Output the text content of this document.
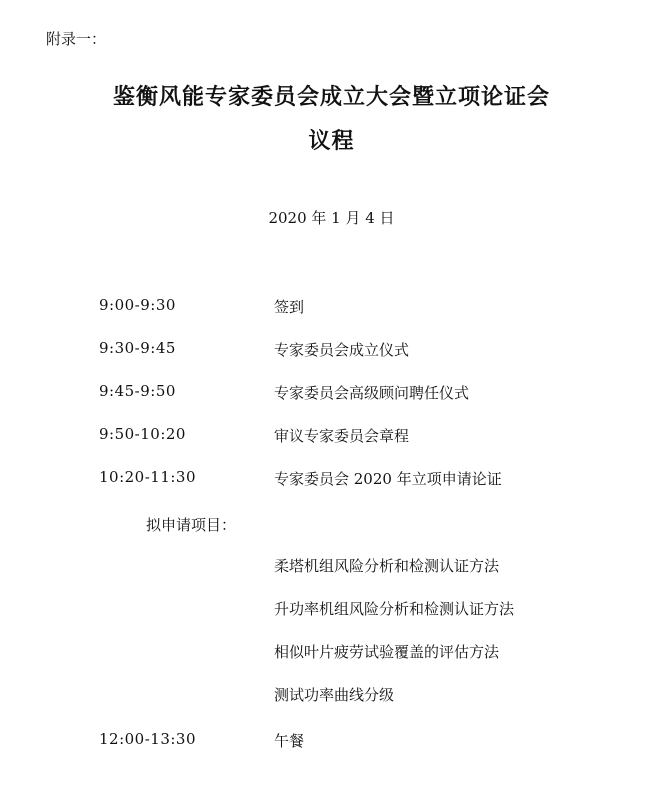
附录一：
鉴衡风能专家委员会成立大会暨立项论证会
议程
2020 年 1 月 4 日
9:00-9:30	签到
9:30-9:45	专家委员会成立仪式
9:45-9:50	专家委员会高级顾问聘任仪式
9:50-10:20	审议专家委员会章程
10:20-11:30	专家委员会 2020 年立项申请论证
拟申请项目：
柔塔机组风险分析和检测认证方法
升功率机组风险分析和检测认证方法
相似叶片疲劳试验覆盖的评估方法
测试功率曲线分级
12:00-13:30	午餐
